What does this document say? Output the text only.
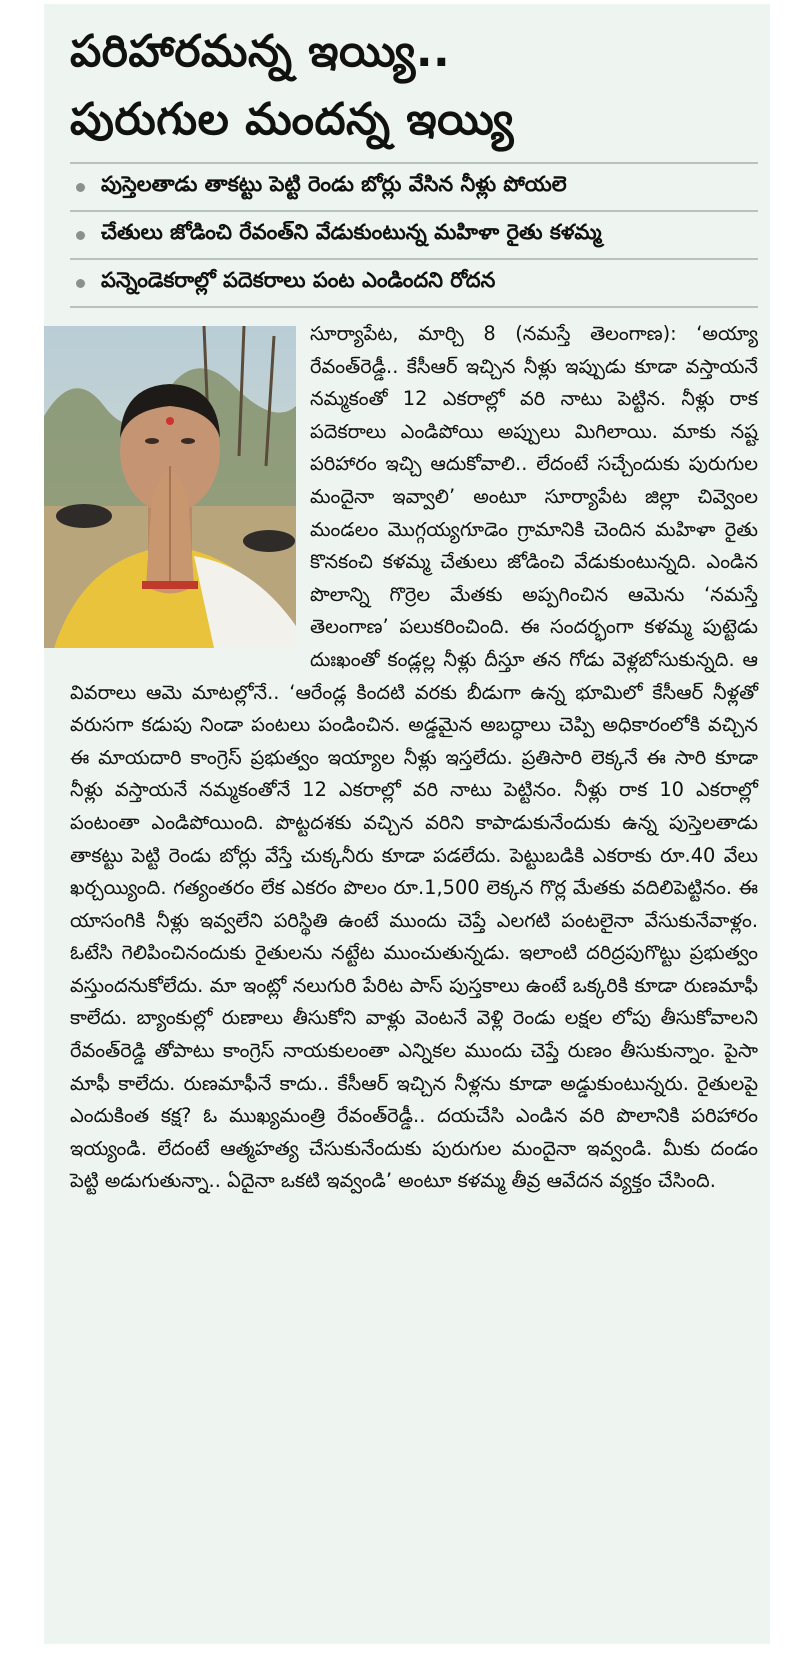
పరిహారమన్న ఇయ్యి..
పురుగుల మందన్న ఇయ్యి
పుస్తెలతాడు తాకట్టు పెట్టి రెండు బోర్లు వేసిన నీళ్లు పోయలె
చేతులు జోడించి రేవంత్‌ని వేడుకుంటున్న మహిళా రైతు కళమ్మ
పన్నెండెకరాల్లో పదెకరాలు పంట ఎండిందని రోదన

సూర్యాపేట, మార్చి 8 (నమస్తే తెలంగాణ): ‘అయ్యా రేవంత్‌రెడ్డీ.. కేసీఆర్ ఇచ్చిన నీళ్లు ఇప్పుడు కూడా వస్తాయనే నమ్మకంతో 12 ఎకరాల్లో వరి నాటు పెట్టిన. నీళ్లు రాక పదెకరాలు ఎండిపోయి అప్పులు మిగిలాయి. మాకు నష్ట పరిహారం ఇచ్చి ఆదుకోవాలి.. లేదంటే సచ్చేందుకు పురుగుల మందైనా ఇవ్వాలి’ అంటూ సూర్యాపేట జిల్లా చివ్వెంల మండలం మొగ్గయ్యగూడెం గ్రామానికి చెందిన మహిళా రైతు కొనకంచి కళమ్మ చేతులు జోడించి వేడుకుంటున్నది. ఎండిన పొలాన్ని గొర్రెల మేతకు అప్పగించిన ఆమెను ‘నమస్తే తెలంగాణ’ పలుకరించింది. ఈ సందర్భంగా కళమ్మ పుట్టెడు దుఃఖంతో కండ్లల్ల నీళ్లు దీస్తూ తన గోడు వెళ్లబోసుకున్నది. ఆ వివరాలు ఆమె మాటల్లోనే.. ‘ఆరేండ్ల కిందటి వరకు బీడుగా ఉన్న భూమిలో కేసీఆర్ నీళ్లతో వరుసగా కడుపు నిండా పంటలు పండించిన. అడ్డమైన అబద్ధాలు చెప్పి అధికారంలోకి వచ్చిన ఈ మాయదారి కాంగ్రెస్ ప్రభుత్వం ఇయ్యాల నీళ్లు ఇస్తలేదు. ప్రతిసారి లెక్కనే ఈ సారి కూడా నీళ్లు వస్తాయనే నమ్మకంతోనే 12 ఎకరాల్లో వరి నాటు పెట్టినం. నీళ్లు రాక 10 ఎకరాల్లో పంటంతా ఎండిపోయింది. పొట్టదశకు వచ్చిన వరిని కాపాడుకునేందుకు ఉన్న పుస్తెలతాడు తాకట్టు పెట్టి రెండు బోర్లు వేస్తే చుక్కనీరు కూడా పడలేదు. పెట్టుబడికి ఎకరాకు రూ.40 వేలు ఖర్చయ్యింది. గత్యంతరం లేక ఎకరం పొలం రూ.1,500 లెక్కన గొర్ల మేతకు వదిలిపెట్టినం. ఈ యాసంగికి నీళ్లు ఇవ్వలేని పరిస్థితి ఉంటే ముందు చెప్తే ఎలగటి పంటలైనా వేసుకునేవాళ్లం. ఓటేసి గెలిపించినందుకు రైతులను నట్టేట ముంచుతున్నడు. ఇలాంటి దరిద్రపుగొట్టు ప్రభుత్వం వస్తుందనుకోలేదు. మా ఇంట్లో నలుగురి పేరిట పాస్ పుస్తకాలు ఉంటే ఒక్కరికి కూడా రుణమాఫీ కాలేదు. బ్యాంకుల్లో రుణాలు తీసుకోని వాళ్లు వెంటనే వెళ్లి రెండు లక్షల లోపు తీసుకోవాలని రేవంత్‌రెడ్డి తోపాటు కాంగ్రెస్ నాయకులంతా ఎన్నికల ముందు చెప్తే రుణం తీసుకున్నాం. పైసా మాఫీ కాలేదు. రుణమాఫీనే కాదు.. కేసీఆర్ ఇచ్చిన నీళ్లను కూడా అడ్డుకుంటున్నరు. రైతులపై ఎందుకింత కక్ష? ఓ ముఖ్యమంత్రి రేవంత్‌రెడ్డీ.. దయచేసి ఎండిన వరి పొలానికి పరిహారం ఇయ్యండి. లేదంటే ఆత్మహత్య చేసుకునేందుకు పురుగుల మందైనా ఇవ్వండి. మీకు దండం పెట్టి అడుగుతున్నా.. ఏదైనా ఒకటి ఇవ్వండి’ అంటూ కళమ్మ తీవ్ర ఆవేదన వ్యక్తం చేసింది.
